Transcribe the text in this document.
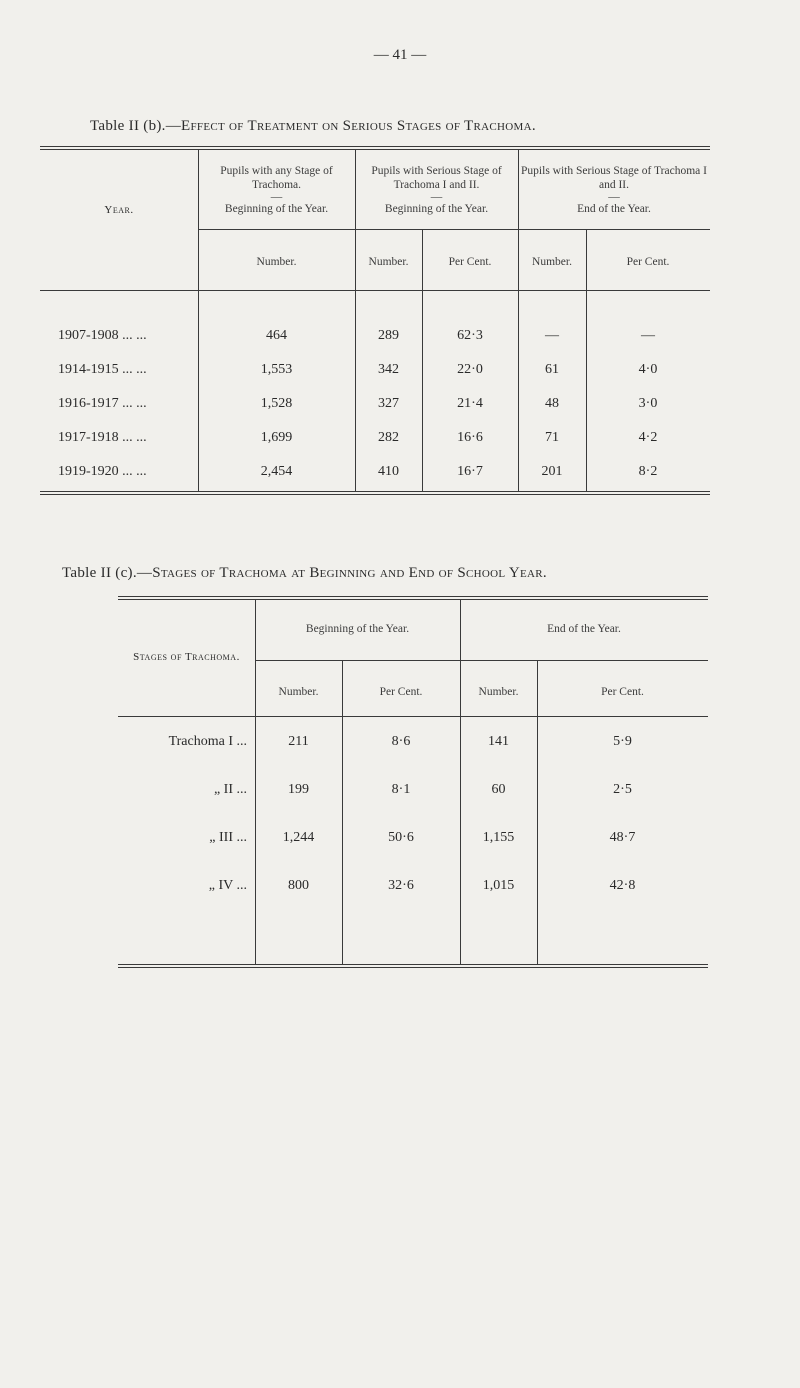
— 41 —
Table II (b).—Effect of Treatment on Serious Stages of Trachoma.
Year.
Pupils with any Stage of Trachoma.
—
Beginning of the Year.
Pupils with Serious Stage of Trachoma I and II.
—
Beginning of the Year.
Pupils with Serious Stage of Trachoma I and II.
—
End of the Year.
Number.	Number.	Per Cent.	Number.	Per Cent.
1907-1908 ... ...	464	289	62·3	—	—
1914-1915 ... ...	1,553	342	22·0	61	4·0
1916-1917 ... ...	1,528	327	21·4	48	3·0
1917-1918 ... ...	1,699	282	16·6	71	4·2
1919-1920 ... ...	2,454	410	16·7	201	8·2
Table II (c).—Stages of Trachoma at Beginning and End of School Year.
Stages of Trachoma.
Beginning of the Year.	End of the Year.
Number.	Per Cent.	Number.	Per Cent.
Trachoma I ...	211	8·6	141	5·9
„ II ...	199	8·1	60	2·5
„ III ...	1,244	50·6	1,155	48·7
„ IV ...	800	32·6	1,015	42·8
